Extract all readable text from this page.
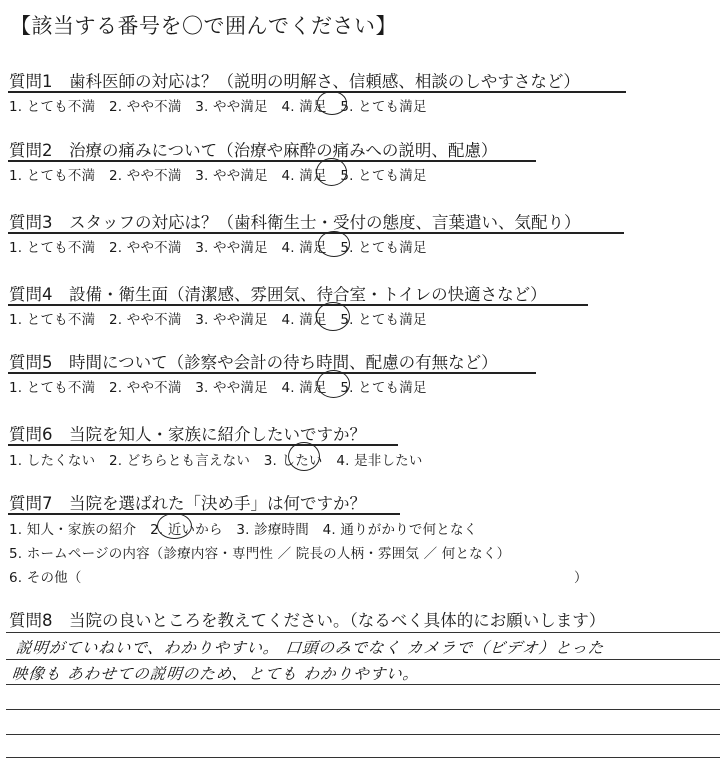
【該当する番号を〇で囲んでください】
質問1　歯科医師の対応は？（説明の明解さ、信頼感、相談のしやすさなど）
1. とても不満　2. やや不満　3. やや満足　4. 満足　5. とても満足
質問2　治療の痛みについて（治療や麻酔の痛みへの説明、配慮）
1. とても不満　2. やや不満　3. やや満足　4. 満足　5. とても満足
質問3　スタッフの対応は？（歯科衛生士・受付の態度、言葉遣い、気配り）
1. とても不満　2. やや不満　3. やや満足　4. 満足　5. とても満足
質問4　設備・衛生面（清潔感、雰囲気、待合室・トイレの快適さなど）
1. とても不満　2. やや不満　3. やや満足　4. 満足　5. とても満足
質問5　時間について（診察や会計の待ち時間、配慮の有無など）
1. とても不満　2. やや不満　3. やや満足　4. 満足　5. とても満足
質問6　当院を知人・家族に紹介したいですか？
1. したくない　2. どちらとも言えない　3. したい　4. 是非したい
質問7　当院を選ばれた「決め手」は何ですか？
1. 知人・家族の紹介　2. 近いから　3. 診療時間　4. 通りがかりで何となく
5. ホームページの内容（診療内容・専門性 ／ 院長の人柄・雰囲気 ／ 何となく）
6. その他（	）
質問8　当院の良いところを教えてください。（なるべく具体的にお願いします）
説明がていねいで、わかりやすい。 口頭のみでなく カメラで（ビデオ）とった
映像も あわせての説明のため、とても わかりやすい。
